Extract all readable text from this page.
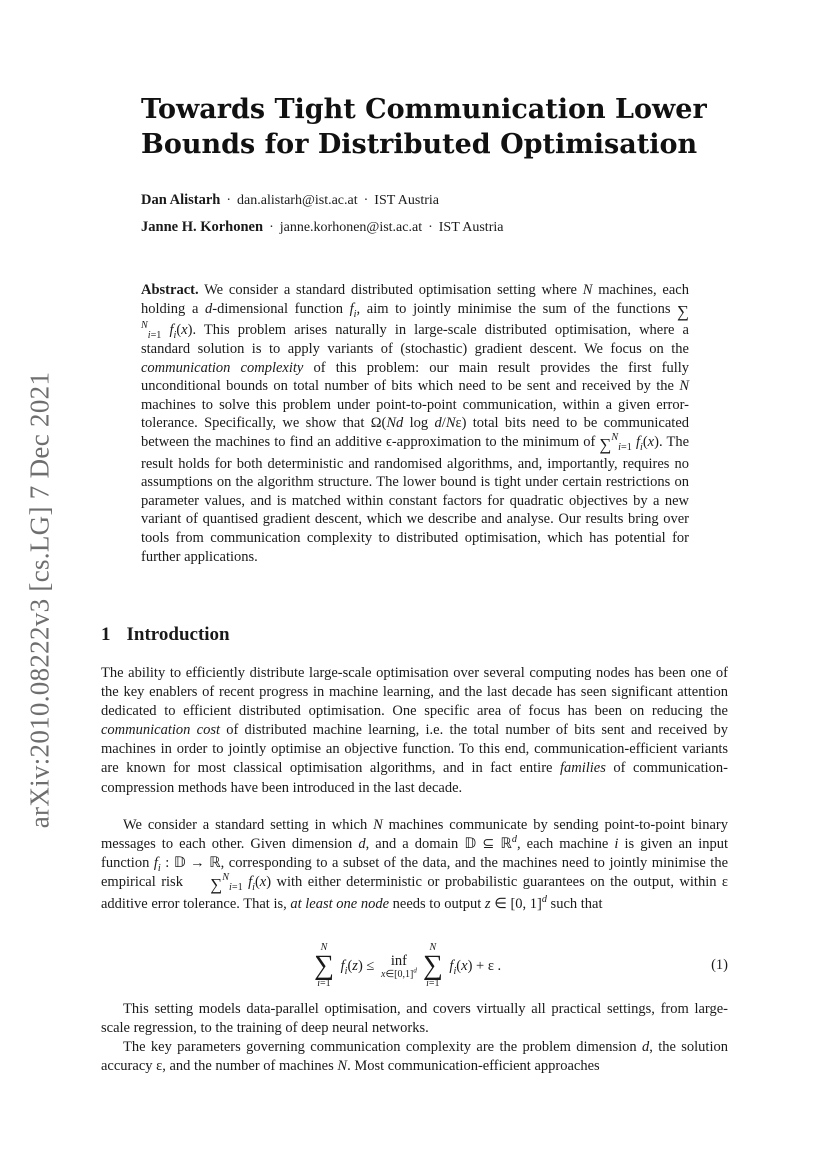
arXiv:2010.08222v3 [cs.LG] 7 Dec 2021
Towards Tight Communication Lower
Bounds for Distributed Optimisation
Dan Alistarh · dan.alistarh@ist.ac.at · IST Austria
Janne H. Korhonen · janne.korhonen@ist.ac.at · IST Austria

Abstract. We consider a standard distributed optimisation setting where N machines, each holding a d-dimensional function $f_i$, aim to jointly minimise the sum of the functions ∑$^N_{i=1}$ $f_i(x)$. This problem arises naturally in large-scale distributed optimisation, where a standard solution is to apply variants of (stochastic) gradient descent. We focus on the communication complexity of this problem: our main result provides the first fully unconditional bounds on total number of bits which need to be sent and received by the N machines to solve this problem under point-to-point communication, within a given error-tolerance. Specifically, we show that Ω(Nd log d/Nε) total bits need to be communicated between the machines to find an additive ϵ-approximation to the minimum of ∑$^N_{i=1}$ $f_i(x)$. The result holds for both deterministic and randomised algorithms, and, importantly, requires no assumptions on the algorithm structure. The lower bound is tight under certain restrictions on parameter values, and is matched within constant factors for quadratic objectives by a new variant of quantised gradient descent, which we describe and analyse. Our results bring over tools from communication complexity to distributed optimisation, which has potential for further applications.

1 Introduction

The ability to efficiently distribute large-scale optimisation over several computing nodes has been one of the key enablers of recent progress in machine learning, and the last decade has seen significant attention dedicated to efficient distributed optimisation. One specific area of focus has been on reducing the communication cost of distributed machine learning, i.e. the total number of bits sent and received by machines in order to jointly optimise an objective function. To this end, communication-efficient variants are known for most classical optimisation algorithms, and in fact entire families of communication-compression methods have been introduced in the last decade.

We consider a standard setting in which N machines communicate by sending point-to-point binary messages to each other. Given dimension d, and a domain 𝔻 ⊆ ℝ$^d$, each machine i is given an input function $f_i$ : 𝔻 → ℝ, corresponding to a subset of the data, and the machines need to jointly minimise the empirical risk ∑$^N_{i=1}$ $f_i(x)$ with either deterministic or probabilistic guarantees on the output, within ε additive error tolerance. That is, at least one node needs to output z ∈ [0, 1]$^d$ such that

N
∑
i=1
$f_i(z)$ ≤ inf
$x\in[0,1]^d$
N
∑
i=1
$f_i(x) + \varepsilon$ .	(1)

This setting models data-parallel optimisation, and covers virtually all practical settings, from large-scale regression, to the training of deep neural networks.

The key parameters governing communication complexity are the problem dimension d, the solution accuracy ε, and the number of machines N. Most communication-efficient approaches
